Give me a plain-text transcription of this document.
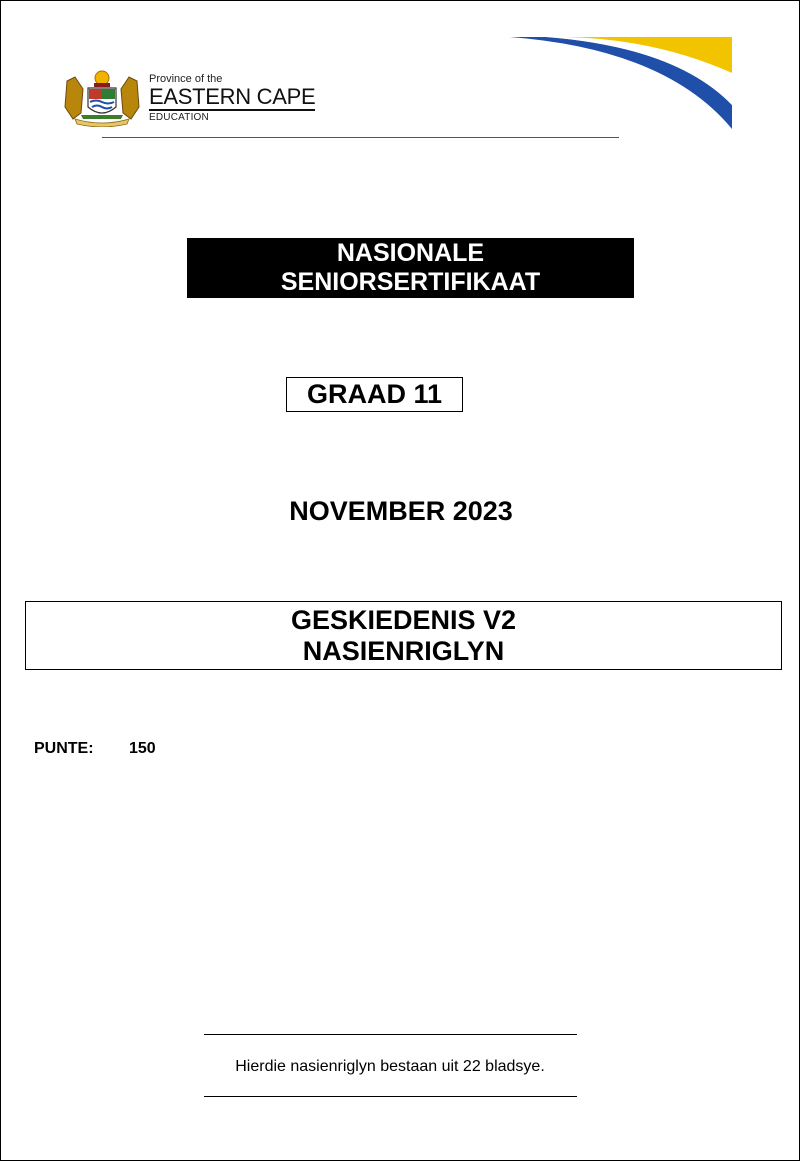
Province of the
EASTERN CAPE
EDUCATION
NASIONALE
SENIORSERTIFIKAAT
GRAAD 11
NOVEMBER 2023
GESKIEDENIS V2
NASIENRIGLYN
PUNTE: 150
Hierdie nasienriglyn bestaan uit 22 bladsye.
